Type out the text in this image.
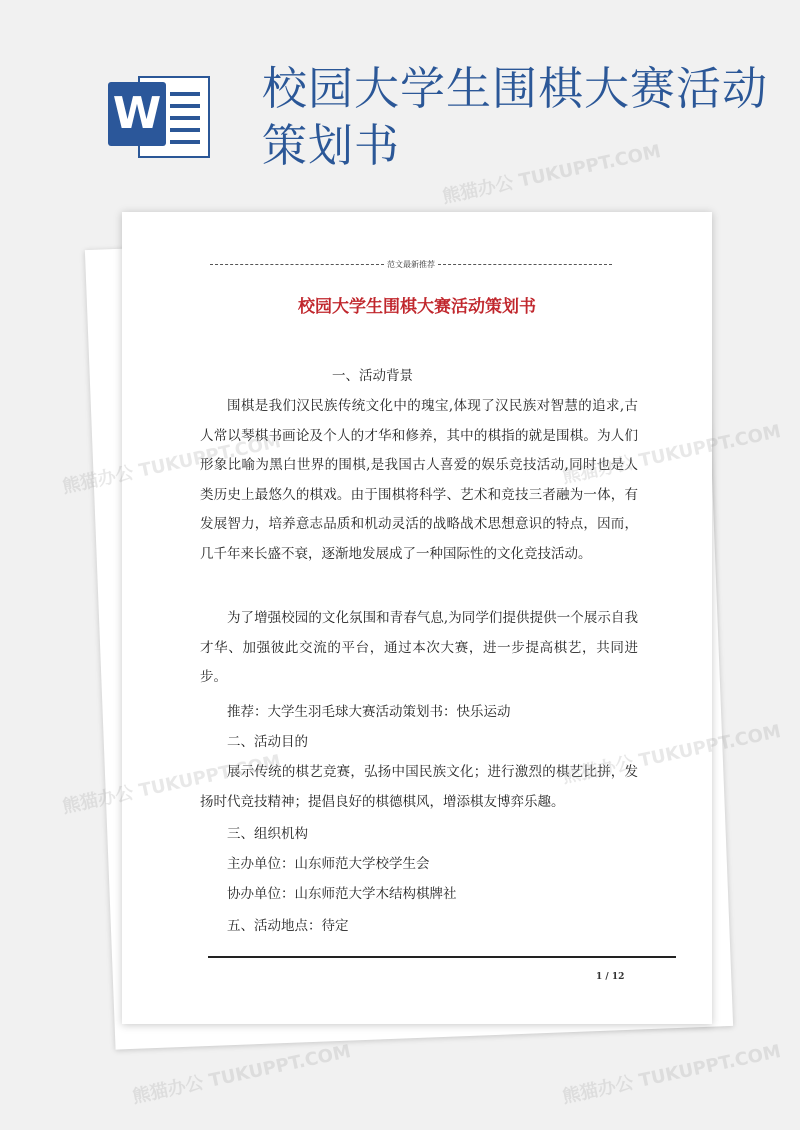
W 校园大学生围棋大赛活动策划书
范文最新推荐
校园大学生围棋大赛活动策划书
一、活动背景
围棋是我们汉民族传统文化中的瑰宝,体现了汉民族对智慧的追求,古人常以琴棋书画论及个人的才华和修养，其中的棋指的就是围棋。为人们形象比喻为黑白世界的围棋,是我国古人喜爱的娱乐竞技活动,同时也是人类历史上最悠久的棋戏。由于围棋将科学、艺术和竞技三者融为一体，有发展智力，培养意志品质和机动灵活的战略战术思想意识的特点，因而，几千年来长盛不衰，逐渐地发展成了一种国际性的文化竞技活动。
为了增强校园的文化氛围和青春气息,为同学们提供提供一个展示自我才华、加强彼此交流的平台，通过本次大赛，进一步提高棋艺，共同进步。
推荐：大学生羽毛球大赛活动策划书：快乐运动
二、活动目的
展示传统的棋艺竞赛，弘扬中国民族文化；进行激烈的棋艺比拼，发扬时代竞技精神；提倡良好的棋德棋风，增添棋友博弈乐趣。
三、组织机构
主办单位：山东师范大学校学生会
协办单位：山东师范大学木结构棋牌社
五、活动地点：待定
1 / 12
熊猫办公 TUKUPPT.COM
熊猫办公 TUKUPPT.COM	熊猫办公 TUKUPPT.COM
熊猫办公 TUKUPPT.COM	熊猫办公 TUKUPPT.COM
熊猫办公 TUKUPPT.COM	熊猫办公 TUKUPPT.COM
